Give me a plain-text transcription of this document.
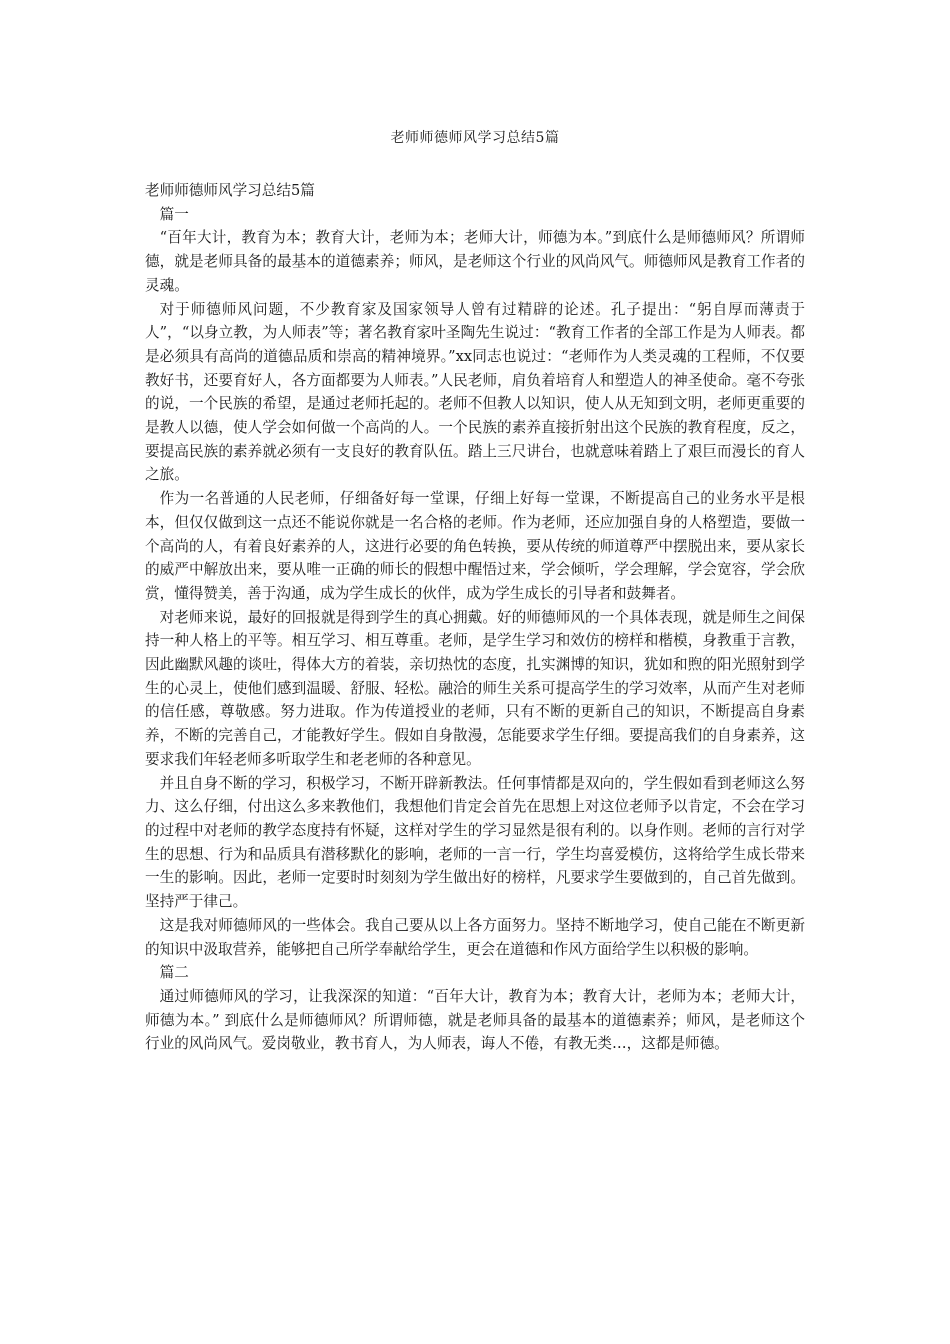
老师师德师风学习总结5篇

老师师德师风学习总结5篇

篇一

“百年大计，教育为本；教育大计，老师为本；老师大计，师德为本。”到底什么是师德师风？所谓师德，就是老师具备的最基本的道德素养；师风，是老师这个行业的风尚风气。师德师风是教育工作者的灵魂。

对于师德师风问题，不少教育家及国家领导人曾有过精辟的论述。孔子提出：“躬自厚而薄责于人”，“以身立教，为人师表”等；著名教育家叶圣陶先生说过：“教育工作者的全部工作是为人师表。都是必须具有高尚的道德品质和崇高的精神境界。”xx同志也说过：“老师作为人类灵魂的工程师，不仅要教好书，还要育好人，各方面都要为人师表。”人民老师，肩负着培育人和塑造人的神圣使命。毫不夸张的说，一个民族的希望，是通过老师托起的。老师不但教人以知识，使人从无知到文明，老师更重要的是教人以德，使人学会如何做一个高尚的人。一个民族的素养直接折射出这个民族的教育程度，反之，要提高民族的素养就必须有一支良好的教育队伍。踏上三尺讲台，也就意味着踏上了艰巨而漫长的育人之旅。

作为一名普通的人民老师，仔细备好每一堂课，仔细上好每一堂课，不断提高自己的业务水平是根本，但仅仅做到这一点还不能说你就是一名合格的老师。作为老师，还应加强自身的人格塑造，要做一个高尚的人，有着良好素养的人，这进行必要的角色转换，要从传统的师道尊严中摆脱出来，要从家长的威严中解放出来，要从唯一正确的师长的假想中醒悟过来，学会倾听，学会理解，学会宽容，学会欣赏，懂得赞美，善于沟通，成为学生成长的伙伴，成为学生成长的引导者和鼓舞者。

对老师来说，最好的回报就是得到学生的真心拥戴。好的师德师风的一个具体表现，就是师生之间保持一种人格上的平等。相互学习、相互尊重。老师，是学生学习和效仿的榜样和楷模，身教重于言教，因此幽默风趣的谈吐，得体大方的着装，亲切热忱的态度，扎实渊博的知识，犹如和煦的阳光照射到学生的心灵上，使他们感到温暖、舒服、轻松。融洽的师生关系可提高学生的学习效率，从而产生对老师的信任感，尊敬感。努力进取。作为传道授业的老师，只有不断的更新自己的知识，不断提高自身素养，不断的完善自己，才能教好学生。假如自身散漫，怎能要求学生仔细。要提高我们的自身素养，这要求我们年轻老师多听取学生和老老师的各种意见。

并且自身不断的学习，积极学习，不断开辟新教法。任何事情都是双向的，学生假如看到老师这么努力、这么仔细，付出这么多来教他们，我想他们肯定会首先在思想上对这位老师予以肯定，不会在学习的过程中对老师的教学态度持有怀疑，这样对学生的学习显然是很有利的。以身作则。老师的言行对学生的思想、行为和品质具有潜移默化的影响，老师的一言一行，学生均喜爱模仿，这将给学生成长带来一生的影响。因此，老师一定要时时刻刻为学生做出好的榜样，凡要求学生要做到的，自己首先做到。坚持严于律己。

这是我对师德师风的一些体会。我自己要从以上各方面努力。坚持不断地学习，使自己能在不断更新的知识中汲取营养，能够把自己所学奉献给学生，更会在道德和作风方面给学生以积极的影响。

篇二

通过师德师风的学习，让我深深的知道：“百年大计，教育为本；教育大计，老师为本；老师大计，师德为本。” 到底什么是师德师风？所谓师德，就是老师具备的最基本的道德素养；师风，是老师这个行业的风尚风气。爱岗敬业，教书育人，为人师表，诲人不倦，有教无类…，这都是师德。
